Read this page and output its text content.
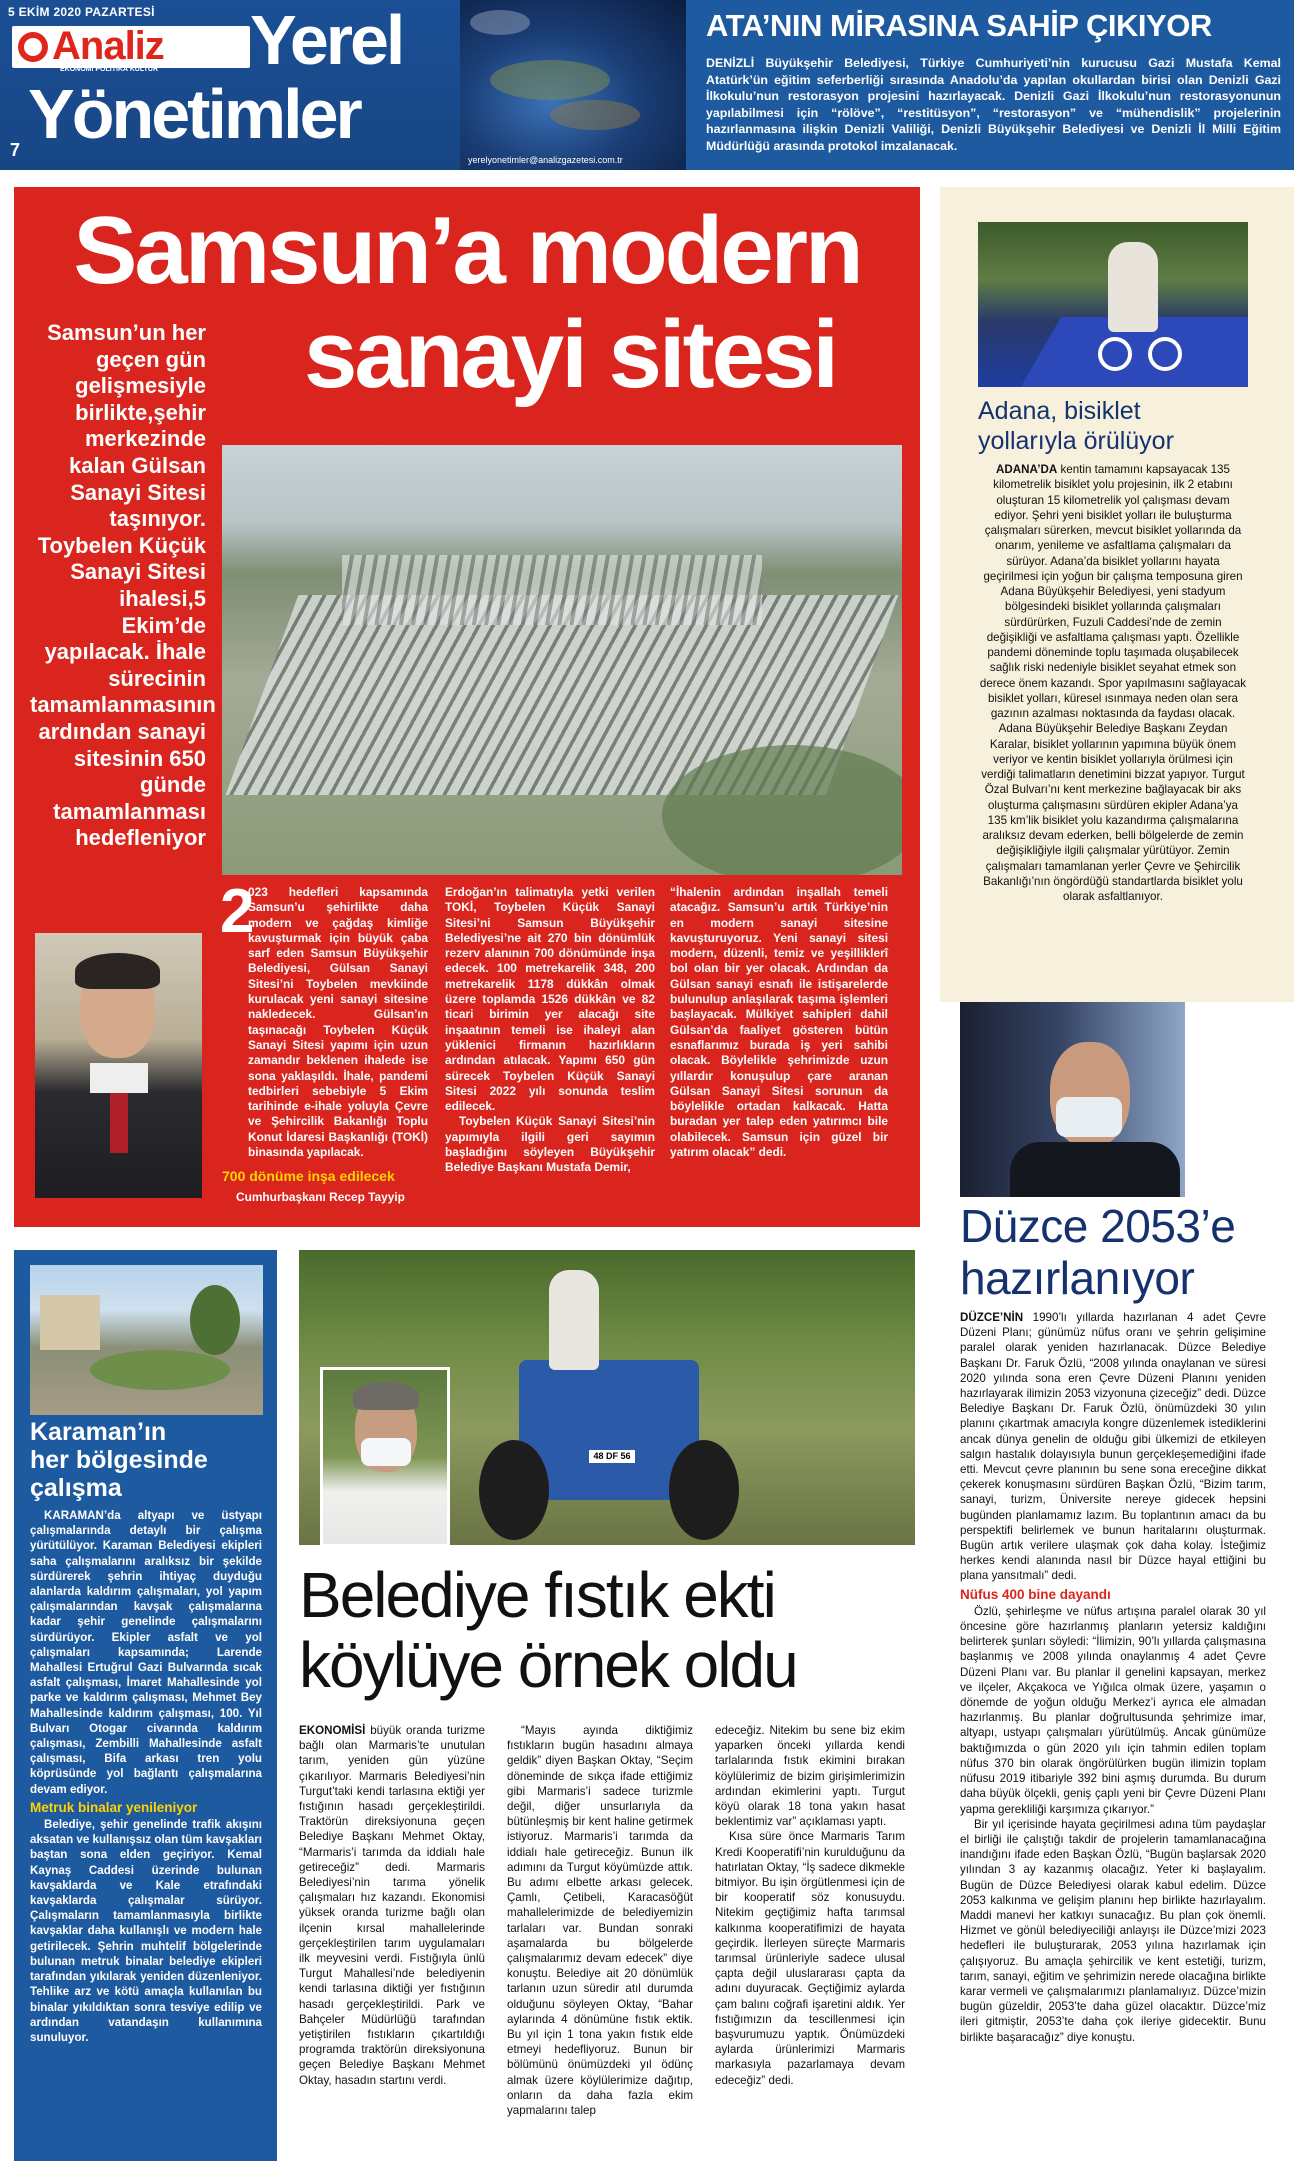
5 EKİM 2020 PAZARTESİ
Analiz
EKONOMİ POLİTİKA KÜLTÜR Yerel
Yönetimler
7	yerelyonetimler@analizgazetesi.com.tr
ATA’NIN MİRASINA SAHİP ÇIKIYOR
DENİZLİ Büyükşehir Belediyesi, Türkiye Cumhuriyeti’nin kurucusu Gazi Mustafa Kemal Atatürk’ün eğitim seferberliği sırasında Anadolu’da yapılan okullardan birisi olan Denizli Gazi İlkokulu’nun restorasyon projesini hazırlayacak. Denizli Gazi İlkokulu’nun restorasyonunun yapılabilmesi için “rölöve”, “restitüsyon”, “restorasyon” ve “mühendislik” projelerinin hazırlanmasına ilişkin Denizli Valiliği, Denizli Büyükşehir Belediyesi ve Denizli İl Milli Eğitim Müdürlüğü arasında protokol imzalanacak.
Samsun’a modern
sanayi sitesi
Samsun’un her geçen gün gelişmesiyle birlikte,şehir merkezinde kalan Gülsan Sanayi Sitesi taşınıyor. Toybelen Küçük Sanayi Sitesi ihalesi,5 Ekim’de yapılacak. İhale sürecinin tamamlanmasının ardından sanayi sitesinin 650 günde tamamlanması hedefleniyor
2
023 hedefleri kapsamında Samsun’u şehirlikte daha modern ve çağdaş kimliğe kavuşturmak için büyük çaba sarf eden Samsun Büyükşehir Belediyesi, Gülsan Sanayi Sitesi’ni Toybelen mevkiinde kurulacak yeni sanayi sitesine nakledecek. Gülsan’ın taşınacağı Toybelen Küçük Sanayi Sitesi yapımı için uzun zamandır beklenen ihalede ise sona yaklaşıldı. İhale, pandemi tedbirleri sebebiyle 5 Ekim tarihinde e-ihale yoluyla Çevre ve Şehircilik Bakanlığı Toplu Konut İdaresi Başkanlığı (TOKİ) binasında yapılacak.
700 dönüme inşa edilecek
Cumhurbaşkanı Recep Tayyip

Erdoğan’ın talimatıyla yetki verilen TOKİ, Toybelen Küçük Sanayi Sitesi’ni Samsun Büyükşehir Belediyesi’ne ait 270 bin dönümlük rezerv alanının 700 dönümünde inşa edecek. 100 metrekarelik 348, 200 metrekarelik 1178 dükkân olmak üzere toplamda 1526 dükkân ve 82 ticari birimin yer alacağı site inşaatının temeli ise ihaleyi alan yüklenici firmanın hazırlıkların ardından atılacak. Yapımı 650 gün sürecek Toybelen Küçük Sanayi Sitesi 2022 yılı sonunda teslim edilecek.

Toybelen Küçük Sanayi Sitesi’nin yapımıyla ilgili geri sayımın başladığını söyleyen Büyükşehir Belediye Başkanı Mustafa Demir,

“İhalenin ardından inşallah temeli atacağız. Samsun’u artık Türkiye’nin en modern sanayi sitesine kavuşturuyoruz. Yeni sanayi sitesi modern, düzenli, temiz ve yeşilliklerî bol olan bir yer olacak. Ardından da Gülsan sanayi esnafı ile istişarelerde bulunulup anlaşılarak taşıma işlemleri başlayacak. Mülkiyet sahipleri dahil Gülsan’da faaliyet gösteren bütün esnaflarımız burada iş yeri sahibi olacak. Böylelikle şehrimizde uzun yıllardır konuşulup çare aranan Gülsan Sanayi Sitesi sorunun da böylelikle ortadan kalkacak. Hatta buradan yer talep eden yatırımcı bile olabilecek. Samsun için güzel bir yatırım olacak” dedi.
Adana, bisiklet
yollarıyla örülüyor
ADANA’DA kentin tamamını kapsayacak 135 kilometrelik bisiklet yolu projesinin, ilk 2 etabını oluşturan 15 kilometrelik yol çalışması devam ediyor. Şehri yeni bisiklet yolları ile buluşturma çalışmaları sürerken, mevcut bisiklet yollarında da onarım, yenileme ve asfaltlama çalışmaları da sürüyor. Adana’da bisiklet yollarını hayata geçirilmesi için yoğun bir çalışma temposuna giren Adana Büyükşehir Belediyesi, yeni stadyum bölgesindeki bisiklet yollarında çalışmaları sürdürürken, Fuzuli Caddesi’nde de zemin değişikliği ve asfaltlama çalışması yaptı. Özellikle pandemi döneminde toplu taşımada oluşabilecek sağlık riski nedeniyle bisiklet seyahat etmek son derece önem kazandı. Spor yapılmasını sağlayacak bisiklet yolları, küresel ısınmaya neden olan sera gazının azalması noktasında da faydası olacak. Adana Büyükşehir Belediye Başkanı Zeydan Karalar, bisiklet yollarının yapımına büyük önem veriyor ve kentin bisiklet yollarıyla örülmesi için verdiği talimatların denetimini bizzat yapıyor. Turgut Özal Bulvarı’nı kent merkezine bağlayacak bir aks oluşturma çalışmasını sürdüren ekipler Adana’ya 135 km’lik bisiklet yolu kazandırma çalışmalarına aralıksız devam ederken, belli bölgelerde de zemin değişikliğiyle ilgili çalışmalar yürütüyor. Zemin çalışmaları tamamlanan yerler Çevre ve Şehircilik Bakanlığı’nın öngördüğü standartlarda bisiklet yolu olarak asfaltlanıyor.
Düzce 2053’e
hazırlanıyor

DÜZCE’NİN 1990’lı yıllarda hazırlanan 4 adet Çevre Düzeni Planı; günümüz nüfus oranı ve şehrin gelişimine paralel olarak yeniden hazırlanacak. Düzce Belediye Başkanı Dr. Faruk Özlü, “2008 yılında onaylanan ve süresi 2020 yılında sona eren Çevre Düzeni Planını yeniden hazırlayarak ilimizin 2053 vizyonuna çizeceğiz” dedi. Düzce Belediye Başkanı Dr. Faruk Özlü, önümüzdeki 30 yılın planını çıkartmak amacıyla kongre düzenlemek istediklerini ancak dünya genelin de olduğu gibi ülkemizi de etkileyen salgın hastalık dolayısıyla bunun gerçekleşemediğini ifade etti. Mevcut çevre planının bu sene sona ereceğine dikkat çekerek konuşmasını sürdüren Başkan Özlü, “Bizim tarım, sanayi, turizm, Üniversite nereye gidecek hepsini bugünden planlamamız lazım. Bu toplantının amacı da bu perspektifi belirlemek ve bunun haritalarını oluşturmak. Bugün artık verilere ulaşmak çok daha kolay. İsteğimiz herkes kendi alanında nasıl bir Düzce hayal ettiğini bu plana yansıtmalı” dedi.

Nüfus 400 bine dayandı

Özlü, şehirleşme ve nüfus artışına paralel olarak 30 yıl öncesine göre hazırlanmış planların yetersiz kaldığını belirterek şunları söyledi: “İlimizin, 90’lı yıllarda çalışmasına başlanmış ve 2008 yılında onaylanmış 4 adet Çevre Düzeni Planı var. Bu planlar il genelini kapsayan, merkez ve ilçeler, Akçakoca ve Yığılca olmak üzere, yaşamın o dönemde de yoğun olduğu Merkez’i ayrıca ele almadan hazırlanmış. Bu planlar doğrultusunda şehrimize imar, altyapı, ustyapı çalışmaları yürütülmüş. Ancak günümüze baktığımızda o gün 2020 yılı için tahmin edilen toplam nüfus 370 bin olarak öngörülürken bugün ilimizin toplam nüfusu 2019 itibariyle 392 bini aşmış durumda. Bu durum daha büyük ölçekli, geniş çaplı yeni bir Çevre Düzeni Planı yapma gerekliliği karşımıza çıkarıyor.”

Bir yıl içerisinde hayata geçirilmesi adına tüm paydaşlar el birliği ile çalıştığı takdir de projelerin tamamlanacağına inandığını ifade eden Başkan Özlü, “Bugün başlarsak 2020 yılından 3 ay kazanmış olacağız. Yeter ki başlayalım. Bugün de Düzce Belediyesi olarak kabul edelim. Düzce 2053 kalkınma ve gelişim planını hep birlikte hazırlayalım. Maddi manevi her katkıyı sunacağız. Bu plan çok önemli. Hizmet ve gönül belediyeciliği anlayışı ile Düzce’mizi 2023 hedefleri ile buluşturarak, 2053 yılına hazırlamak için çalışıyoruz. Bu amaçla şehircilik ve kent estetiği, turizm, tarım, sanayi, eğitim ve şehrimizin nerede olacağına birlikte karar vermeli ve çalışmalarımızı planlamalıyız. Düzce’mizin bugün güzeldir, 2053’te daha güzel olacaktır. Düzce’miz ileri gitmiştir, 2053’te daha çok ileriye gidecektir. Bunu birlikte başaracağız” diye konuştu.

Karaman’ın
her bölgesinde
çalışma

KARAMAN’da altyapı ve üstyapı çalışmalarında detaylı bir çalışma yürütülüyor. Karaman Belediyesi ekipleri saha çalışmalarını aralıksız bir şekilde sürdürerek şehrin ihtiyaç duyduğu alanlarda kaldırım çalışmaları, yol yapım çalışmalarından kavşak çalışmalarına kadar şehir genelinde çalışmalarını sürdürüyor. Ekipler asfalt ve yol çalışmaları kapsamında; Larende Mahallesi Ertuğrul Gazi Bulvarında sıcak asfalt çalışması, İmaret Mahallesinde yol parke ve kaldırım çalışması, Mehmet Bey Mahallesinde kaldırım çalışması, 100. Yıl Bulvarı Otogar civarında kaldırım çalışması, Zembilli Mahallesinde asfalt çalışması, Bifa arkası tren yolu köprüsünde yol bağlantı çalışmalarına devam ediyor.

Metruk binalar yenileniyor

Belediye, şehir genelinde trafik akışını aksatan ve kullanışsız olan tüm kavşakları baştan sona elden geçiriyor. Kemal Kaynaş Caddesi üzerinde bulunan kavşaklarda ve Kale etrafındaki kavşaklarda çalışmalar sürüyor. Çalışmaların tamamlanmasıyla birlikte kavşaklar daha kullanışlı ve modern hale getirilecek. Şehrin muhtelif bölgelerinde bulunan metruk binalar belediye ekipleri tarafından yıkılarak yeniden düzenleniyor. Tehlike arz ve kötü amaçla kullanılan bu binalar yıkıldıktan sonra tesviye edilip ve ardından vatandaşın kullanımına sunuluyor.

48 DF 56
Belediye fıstık ekti
köylüye örnek oldu
EKONOMİSİ büyük oranda turizme bağlı olan Marmaris’te unutulan tarım, yeniden gün yüzüne çıkarılıyor. Marmaris Belediyesi’nin Turgut’taki kendi tarlasına ektiği yer fıstığının hasadı gerçekleştirildi. Traktörün direksiyonuna geçen Belediye Başkanı Mehmet Oktay, “Marmaris’i tarımda da iddialı hale getireceğiz” dedi. Marmaris Belediyesi’nin tarıma yönelik çalışmaları hız kazandı. Ekonomisi yüksek oranda turizme bağlı olan ilçenin kırsal mahallelerinde gerçekleştirilen tarım uygulamaları ilk meyvesini verdi. Fıstığıyla ünlü Turgut Mahallesi’nde belediyenin kendi tarlasına diktiği yer fıstığının hasadı gerçekleştirildi. Park ve Bahçeler Müdürlüğü tarafından yetiştirilen fıstıkların çıkartıldığı programda traktörün direksiyonuna geçen Belediye Başkanı Mehmet Oktay, hasadın startını verdi.
“Mayıs ayında diktiğimiz fıstıkların bugün hasadını almaya geldik” diyen Başkan Oktay, “Seçim döneminde de sıkça ifade ettiğimiz gibi Marmaris’i sadece turizmle değil, diğer unsurlarıyla da bütünleşmiş bir kent haline getirmek istiyoruz. Marmaris’i tarımda da iddialı hale getireceğiz. Bunun ilk adımını da Turgut köyümüzde attık. Bu adımı elbette arkası gelecek. Çamlı, Çetibeli, Karacasöğüt mahallelerimizde de belediyemizin tarlaları var. Bundan sonraki aşamalarda bu bölgelerde çalışmalarımız devam edecek” diye konuştu. Belediye ait 20 dönümlük tarlanın uzun süredir atıl durumda olduğunu söyleyen Oktay, “Bahar aylarında 4 dönümüne fıstık ektik. Bu yıl için 1 tona yakın fıstık elde etmeyi hedefliyoruz. Bunun bir bölümünü önümüzdeki yıl ödünç almak üzere köylülerimize dağıtıp, onların da daha fazla ekim yapmalarını talep

edeceğiz. Nitekim bu sene biz ekim yaparken önceki yıllarda kendi tarlalarında fıstık ekimini bırakan köylülerimiz de bizim girişimlerimizin ardından ekimlerini yaptı. Turgut köyü olarak 18 tona yakın hasat beklentimiz var” açıklaması yaptı.

Kısa süre önce Marmaris Tarım Kredi Kooperatifi’nin kurulduğunu da hatırlatan Oktay, “İş sadece dikmekle bitmiyor. Bu işin örgütlenmesi için de bir kooperatif söz konusuydu. Nitekim geçtiğimiz hafta tarımsal kalkınma kooperatifimizi de hayata geçirdik. İlerleyen süreçte Marmaris tarımsal ürünleriyle sadece ulusal çapta değil uluslararası çapta da adını duyuracak. Geçtiğimiz aylarda çam balını coğrafi işaretini aldık. Yer fıstığımızın da tescillenmesi için başvurumuzu yaptık. Önümüzdeki aylarda ürünlerimizi Marmaris markasıyla pazarlamaya devam edeceğiz” dedi.
